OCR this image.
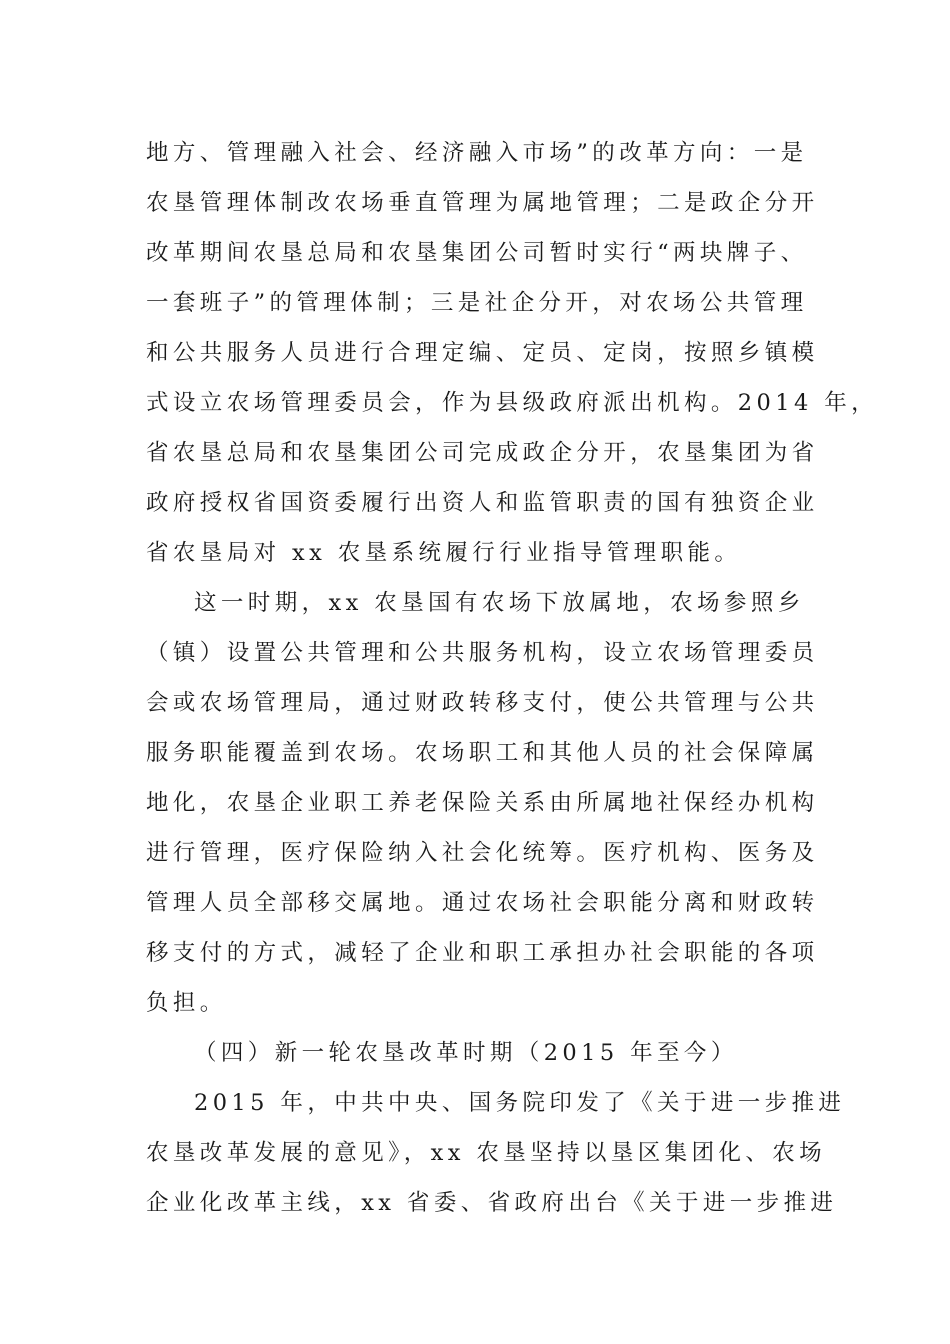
地方、管理融入社会、经济融入市场”的改革方向：一是
农垦管理体制改农场垂直管理为属地管理；二是政企分开
改革期间农垦总局和农垦集团公司暂时实行“两块牌子、
一套班子”的管理体制；三是社企分开，对农场公共管理
和公共服务人员进行合理定编、定员、定岗，按照乡镇模
式设立农场管理委员会，作为县级政府派出机构。2014 年，
省农垦总局和农垦集团公司完成政企分开，农垦集团为省
政府授权省国资委履行出资人和监管职责的国有独资企业
省农垦局对 xx 农垦系统履行行业指导管理职能。
这一时期，xx 农垦国有农场下放属地，农场参照乡
（镇）设置公共管理和公共服务机构，设立农场管理委员
会或农场管理局，通过财政转移支付，使公共管理与公共
服务职能覆盖到农场。农场职工和其他人员的社会保障属
地化，农垦企业职工养老保险关系由所属地社保经办机构
进行管理，医疗保险纳入社会化统筹。医疗机构、医务及
管理人员全部移交属地。通过农场社会职能分离和财政转
移支付的方式，减轻了企业和职工承担办社会职能的各项
负担。
（四）新一轮农垦改革时期（2015 年至今）
2015 年，中共中央、国务院印发了《关于进一步推进
农垦改革发展的意见》，xx 农垦坚持以垦区集团化、农场
企业化改革主线，xx 省委、省政府出台《关于进一步推进
